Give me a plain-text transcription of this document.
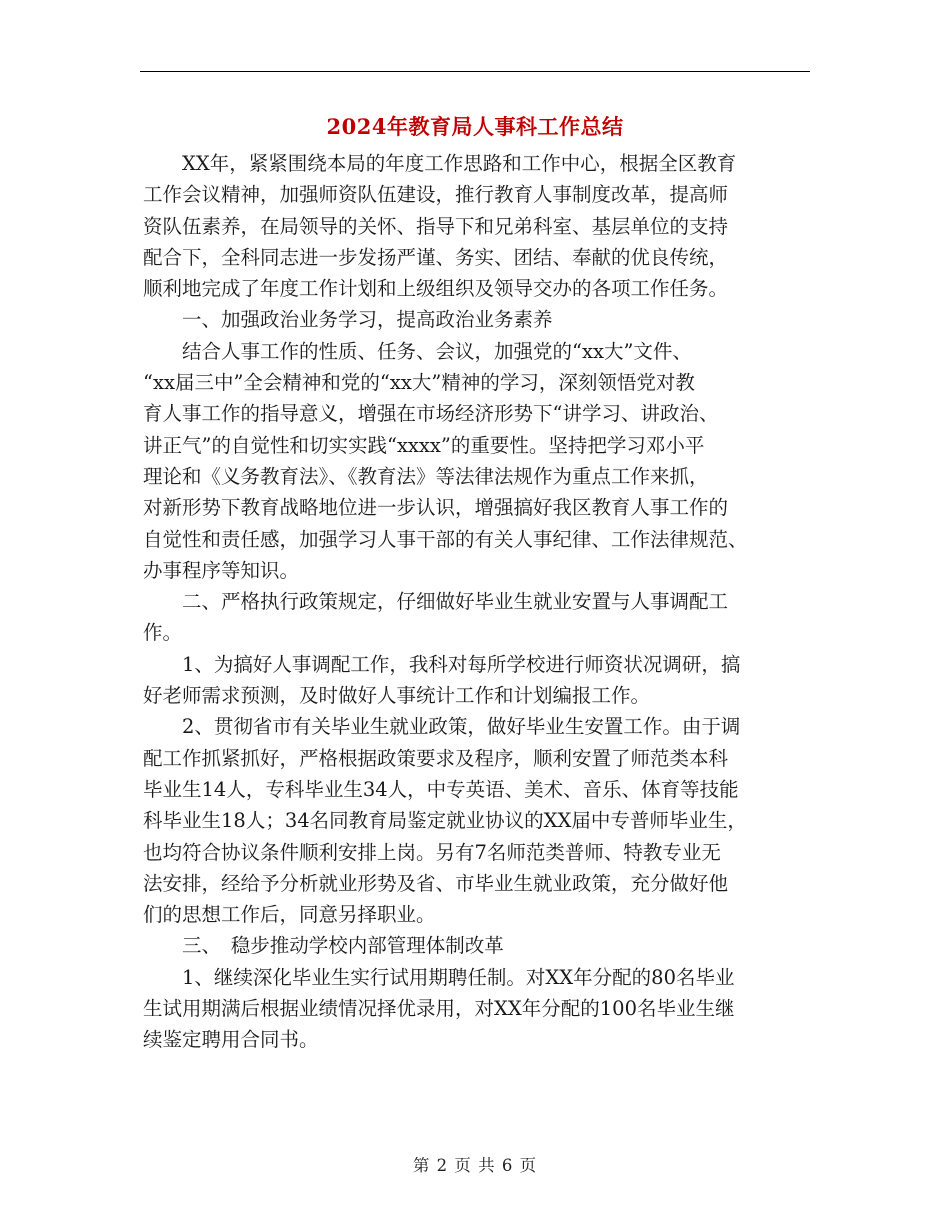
2024年教育局人事科工作总结
　　XX年，紧紧围绕本局的年度工作思路和工作中心，根据全区教育
工作会议精神，加强师资队伍建设，推行教育人事制度改革，提高师
资队伍素养，在局领导的关怀、指导下和兄弟科室、基层单位的支持
配合下，全科同志进一步发扬严谨、务实、团结、奉献的优良传统，
顺利地完成了年度工作计划和上级组织及领导交办的各项工作任务。
　　一、加强政治业务学习，提高政治业务素养
　　结合人事工作的性质、任务、会议，加强党的“xx大”文件、
“xx届三中”全会精神和党的“xx大”精神的学习，深刻领悟党对教
育人事工作的指导意义，增强在市场经济形势下“讲学习、讲政治、
讲正气”的自觉性和切实实践“xxxx”的重要性。坚持把学习邓小平
理论和《义务教育法》、《教育法》等法律法规作为重点工作来抓，
对新形势下教育战略地位进一步认识，增强搞好我区教育人事工作的
自觉性和责任感，加强学习人事干部的有关人事纪律、工作法律规范、
办事程序等知识。
　　二、严格执行政策规定，仔细做好毕业生就业安置与人事调配工
作。
　　1、为搞好人事调配工作，我科对每所学校进行师资状况调研，搞
好老师需求预测，及时做好人事统计工作和计划编报工作。
　　2、贯彻省市有关毕业生就业政策，做好毕业生安置工作。由于调
配工作抓紧抓好，严格根据政策要求及程序，顺利安置了师范类本科
毕业生14人，专科毕业生34人，中专英语、美术、音乐、体育等技能
科毕业生18人；34名同教育局鉴定就业协议的XX届中专普师毕业生，
也均符合协议条件顺利安排上岗。另有7名师范类普师、特教专业无
法安排，经给予分析就业形势及省、市毕业生就业政策，充分做好他
们的思想工作后，同意另择职业。
　　三、　稳步推动学校内部管理体制改革
　　1、继续深化毕业生实行试用期聘任制。对XX年分配的80名毕业
生试用期满后根据业绩情况择优录用，对XX年分配的100名毕业生继
续鉴定聘用合同书。
第 2 页 共 6 页
